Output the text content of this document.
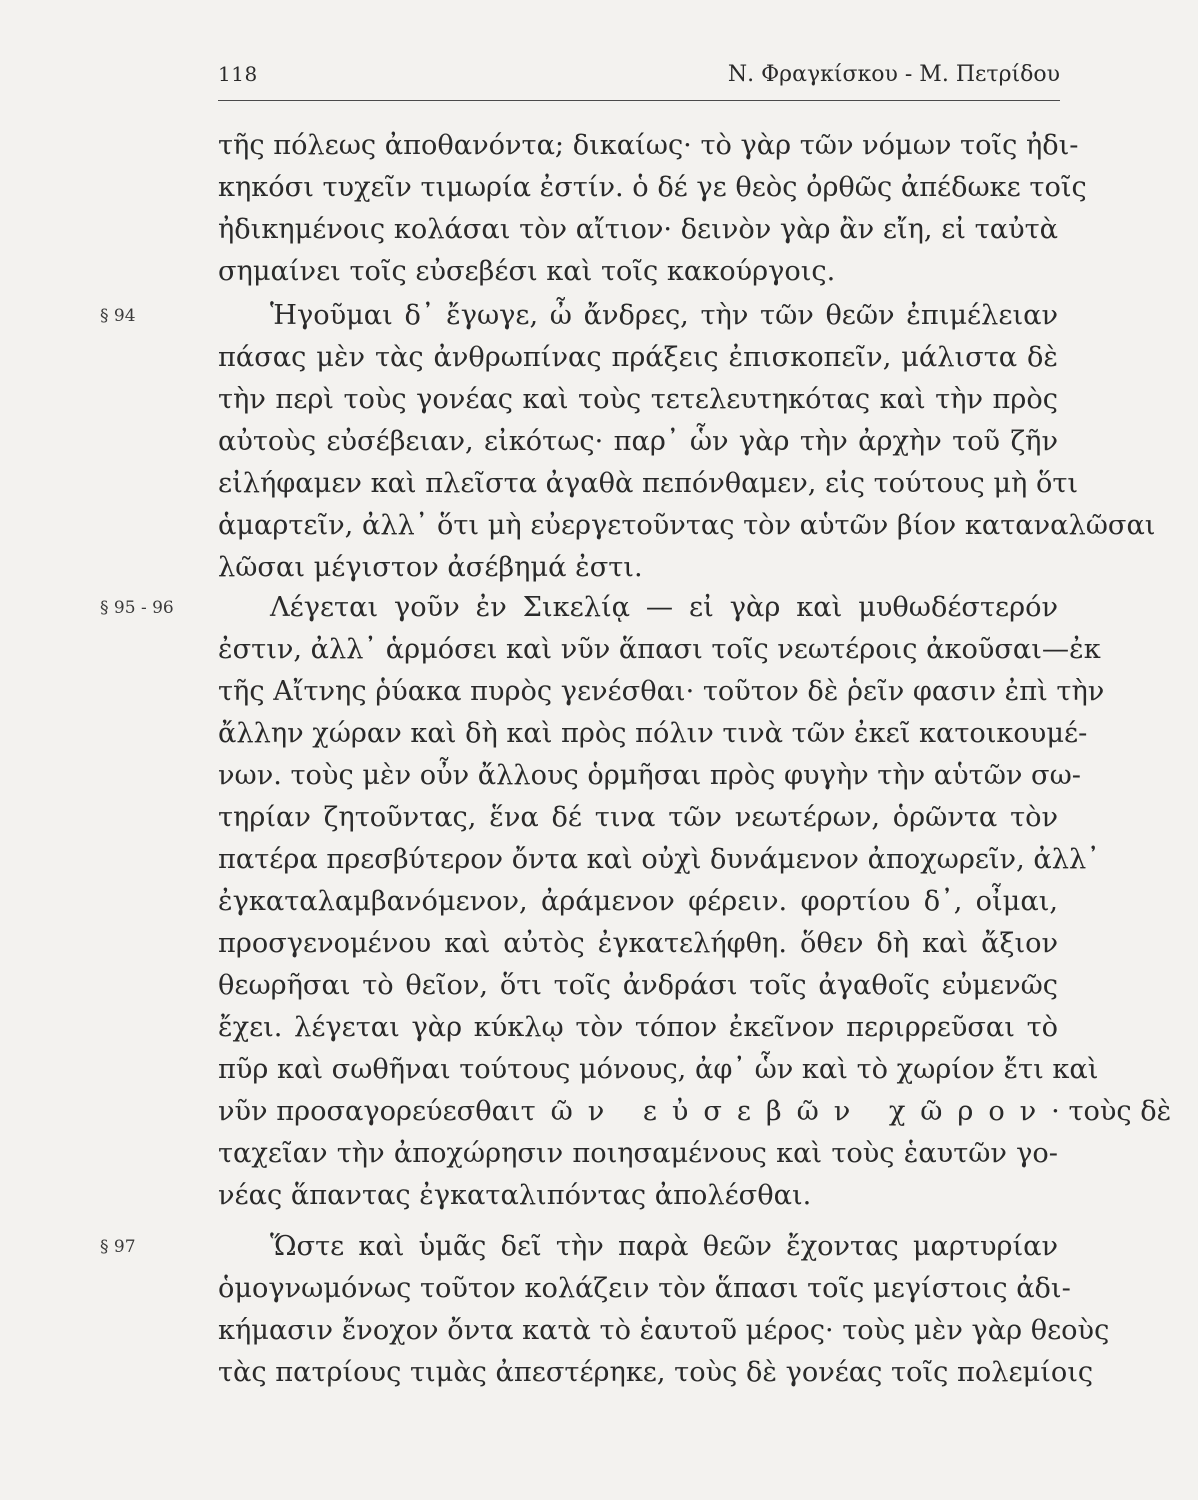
118	Ν. Φραγκίσκου - Μ. Πετρίδου
§ 94
§ 95 - 96
§ 97
τῆς πόλεως ἀποθανόντα; δικαίως· τὸ γὰρ τῶν νόμων τοῖς ἠδι-
κηκόσι τυχεῖν τιμωρία ἐστίν. ὁ δέ γε θεὸς ὀρθῶς ἀπέδωκε τοῖς
ἠδικημένοις κολάσαι τὸν αἴτιον· δεινὸν γὰρ ἂν εἴη, εἰ ταὐτὰ
σημαίνει τοῖς εὐσεβέσι καὶ τοῖς κακούργοις.
Ἡγοῦμαι δ᾽ ἔγωγε, ὦ ἄνδρες, τὴν τῶν θεῶν ἐπιμέλειαν
πάσας μὲν τὰς ἀνθρωπίνας πράξεις ἐπισκοπεῖν, μάλιστα δὲ
τὴν περὶ τοὺς γονέας καὶ τοὺς τετελευτηκότας καὶ τὴν πρὸς
αὐτοὺς εὐσέβειαν, εἰκότως· παρ᾽ ὧν γὰρ τὴν ἀρχὴν τοῦ ζῆν
εἰλήφαμεν καὶ πλεῖστα ἀγαθὰ πεπόνθαμεν, εἰς τούτους μὴ ὅτι
ἁμαρτεῖν, ἀλλ᾽ ὅτι μὴ εὐεργετοῦντας τὸν αὑτῶν βίον καταναλῶσαι
λῶσαι μέγιστον ἀσέβημά ἐστι.
Λέγεται γοῦν ἐν Σικελίᾳ — εἰ γὰρ καὶ μυθωδέστερόν
ἐστιν, ἀλλ᾽ ἁρμόσει καὶ νῦν ἅπασι τοῖς νεωτέροις ἀκοῦσαι—ἐκ
τῆς Αἴτνης ῥύακα πυρὸς γενέσθαι· τοῦτον δὲ ῥεῖν φασιν ἐπὶ τὴν
ἄλλην χώραν καὶ δὴ καὶ πρὸς πόλιν τινὰ τῶν ἐκεῖ κατοικουμέ-
νων. τοὺς μὲν οὖν ἄλλους ὁρμῆσαι πρὸς φυγὴν τὴν αὑτῶν σω-
τηρίαν ζητοῦντας, ἕνα δέ τινα τῶν νεωτέρων, ὁρῶντα τὸν
πατέρα πρεσβύτερον ὄντα καὶ οὐχὶ δυνάμενον ἀποχωρεῖν, ἀλλ᾽
ἐγκαταλαμβανόμενον, ἀράμενον φέρειν. φορτίου δ᾽, οἶμαι,
προσγενομένου καὶ αὐτὸς ἐγκατελήφθη. ὅθεν δὴ καὶ ἄξιον
θεωρῆσαι τὸ θεῖον, ὅτι τοῖς ἀνδράσι τοῖς ἀγαθοῖς εὐμενῶς
ἔχει. λέγεται γὰρ κύκλῳ τὸν τόπον ἐκεῖνον περιρρεῦσαι τὸ
πῦρ καὶ σωθῆναι τούτους μόνους, ἀφ᾽ ὧν καὶ τὸ χωρίον ἔτι καὶ
νῦν προσαγορεύεσθαι τῶν εὐσεβῶν χῶρον · τοὺς δὲ
ταχεῖαν τὴν ἀποχώρησιν ποιησαμένους καὶ τοὺς ἑαυτῶν γο-
νέας ἅπαντας ἐγκαταλιπόντας ἀπολέσθαι.
Ὥστε καὶ ὑμᾶς δεῖ τὴν παρὰ θεῶν ἔχοντας μαρτυρίαν
ὁμογνωμόνως τοῦτον κολάζειν τὸν ἅπασι τοῖς μεγίστοις ἀδι-
κήμασιν ἔνοχον ὄντα κατὰ τὸ ἑαυτοῦ μέρος· τοὺς μὲν γὰρ θεοὺς
τὰς πατρίους τιμὰς ἀπεστέρηκε, τοὺς δὲ γονέας τοῖς πολεμίοις
